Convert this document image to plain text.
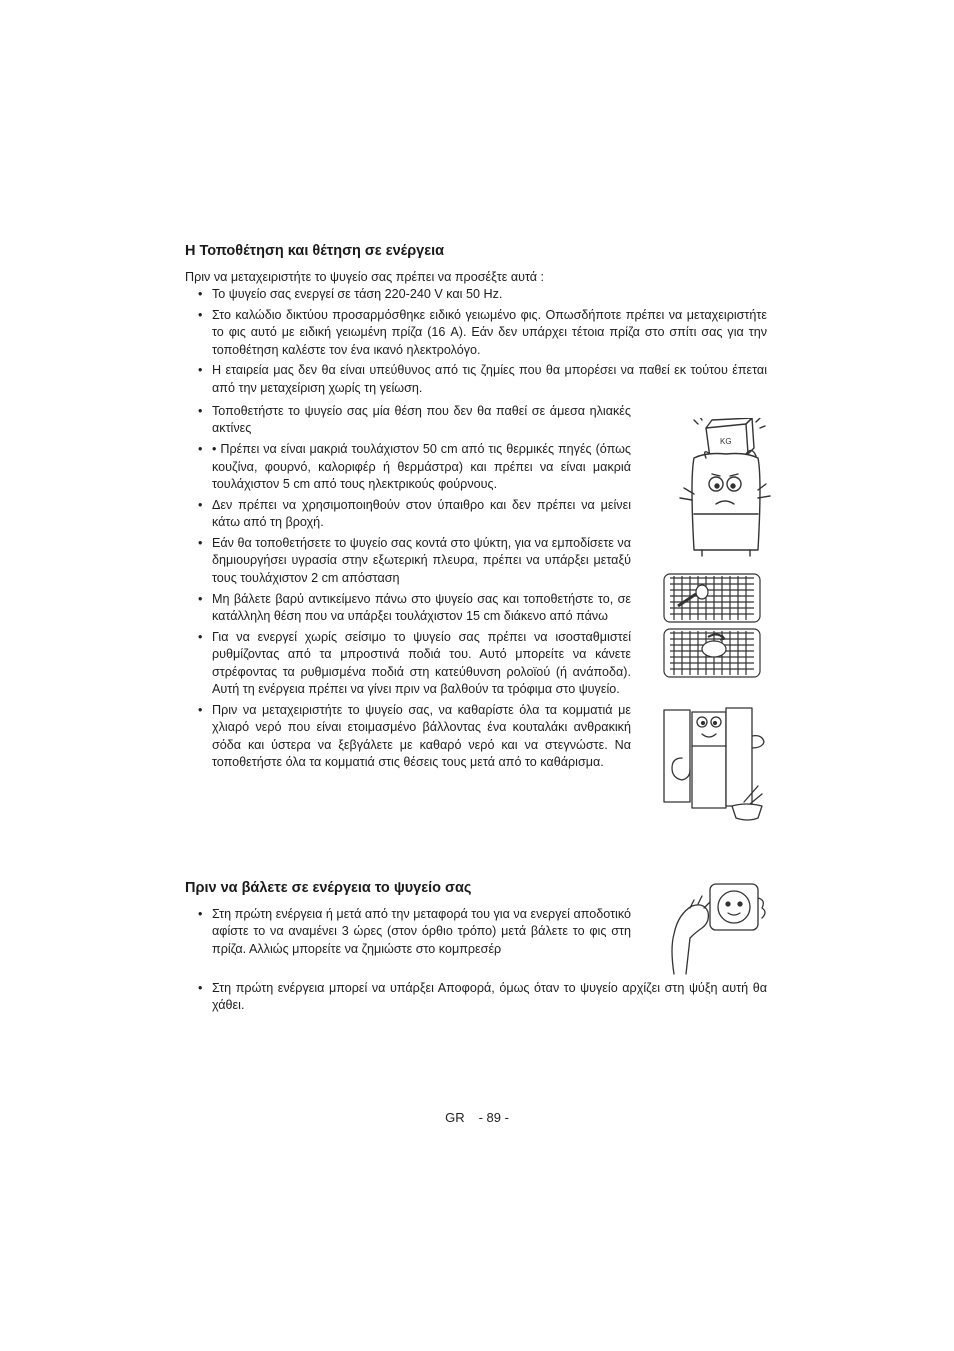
Η Τοποθέτηση και θέτηση σε ενέργεια

Πριν να μεταχειριστήτε το ψυγείο σας πρέπει να προσέξτε αυτά :

• Το ψυγείο σας ενεργεί σε τάση 220-240 V και 50 Hz.
• Στο καλώδιο δικτύου προσαρμόσθηκε ειδικό γειωμένο φις. Οπωσδήποτε πρέπει να μεταχειριστήτε το φις αυτό με ειδική γειωμένη πρίζα (16 A). Εάν δεν υπάρχει τέτοια πρίζα στο σπίτι σας για την τοποθέτηση καλέστε τον ένα ικανό ηλεκτρολόγο.
• Η εταιρεία μας δεν θα είναι υπεύθυνος από τις ζημίες που θα μπορέσει να παθεί εκ τούτου έπεται από την μεταχείριση χωρίς τη γείωση.
• Τοποθετήστε το ψυγείο σας μία θέση που δεν θα παθεί σε άμεσα ηλιακές ακτίνες
• • Πρέπει να είναι μακριά τουλάχιστον 50 cm από τις θερμικές πηγές (όπως κουζίνα, φουρνό, καλοριφέρ ή θερμάστρα) και πρέπει να είναι μακριά τουλάχιστον 5 cm από τους ηλεκτρικούς φούρνους.
• Δεν πρέπει να χρησιμοποιηθούν στον ύπαιθρο και δεν πρέπει να μείνει κάτω από τη βροχή.
• Εάν θα τοποθετήσετε το ψυγείο σας κοντά στο ψύκτη, για να εμποδίσετε να δημιουργήσει υγρασία στην εξωτερική πλευρα, πρέπει να υπάρξει μεταξύ τους τουλάχιστον 2 cm απόσταση
• Μη βάλετε βαρύ αντικείμενο πάνω στο ψυγείο σας και τοποθετήστε το, σε κατάλληλη θέση που να υπάρξει τουλάχιστον 15 cm διάκενο από πάνω
• Για να ενεργεί χωρίς σείσιμο το ψυγείο σας πρέπει να ισοσταθμιστεί ρυθμίζοντας από τα μπροστινά ποδιά του. Αυτό μπορείτε να κάνετε στρέφοντας τα ρυθμισμένα ποδιά στη κατεύθυνση ρολοϊού (ή ανάποδα). Αυτή τη ενέργεια πρέπει να γίνει πριν να βαλθούν τα τρόφιμα στο ψυγείο.
• Πριν να μεταχειριστήτε το ψυγείο σας, να καθαρίστε όλα τα κομματιά με χλιαρό νερό που είναι ετοιμασμένο βάλλοντας ένα κουταλάκι ανθρακική σόδα και ύστερα να ξεβγάλετε με καθαρό νερό και να στεγνώστε. Να τοποθετήστε όλα τα κομματιά στις θέσεις τους μετά από το καθάρισμα.
KG
Πριν να βάλετε σε ενέργεια το ψυγείο σας
• Στη πρώτη ενέργεια ή μετά από την μεταφορά του για να ενεργεί αποδοτικό αφίστε το να αναμένει 3 ώρες (στον όρθιο τρόπο) μετά βάλετε το φις στη πρίζα. Αλλιώς μπορείτε να ζημιώστε στο κομπρεσέρ
• Στη πρώτη ενέργεια μπορεί να υπάρξει Αποφορά, όμως όταν το ψυγείο αρχίζει στη ψύξη αυτή θα χάθει.
GR - 89 -
